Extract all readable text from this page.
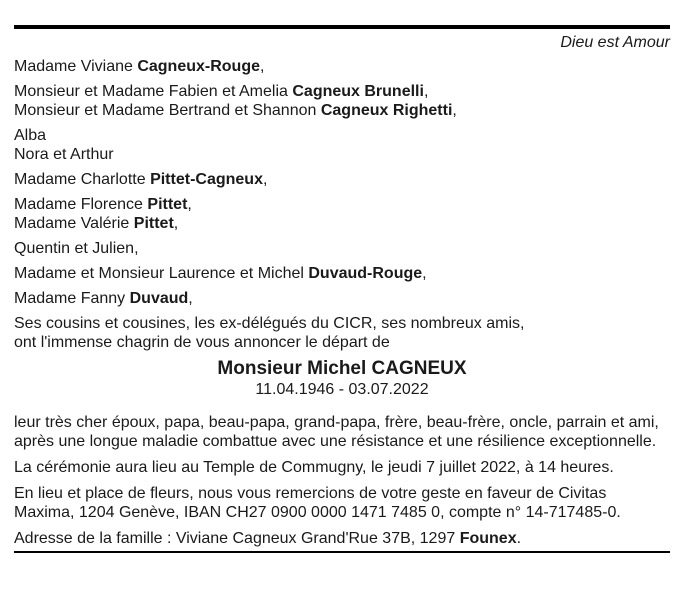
Dieu est Amour

Madame Viviane Cagneux-Rouge,

Monsieur et Madame Fabien et Amelia Cagneux Brunelli,
Monsieur et Madame Bertrand et Shannon Cagneux Righetti,

Alba
Nora et Arthur

Madame Charlotte Pittet-Cagneux,

Madame Florence Pittet,
Madame Valérie Pittet,

Quentin et Julien,

Madame et Monsieur Laurence et Michel Duvaud-Rouge,

Madame Fanny Duvaud,

Ses cousins et cousines, les ex-délégués du CICR, ses nombreux amis,
ont l'immense chagrin de vous annoncer le départ de

Monsieur Michel CAGNEUX
11.04.1946 - 03.07.2022

leur très cher époux, papa, beau-papa, grand-papa, frère, beau-frère, oncle, parrain et ami,
après une longue maladie combattue avec une résistance et une résilience exceptionnelle.

La cérémonie aura lieu au Temple de Commugny, le jeudi 7 juillet 2022, à 14 heures.

En lieu et place de fleurs, nous vous remercions de votre geste en faveur de Civitas
Maxima, 1204 Genève, IBAN CH27 0900 0000 1471 7485 0, compte n° 14-717485-0.

Adresse de la famille : Viviane Cagneux Grand'Rue 37B, 1297 Founex.
